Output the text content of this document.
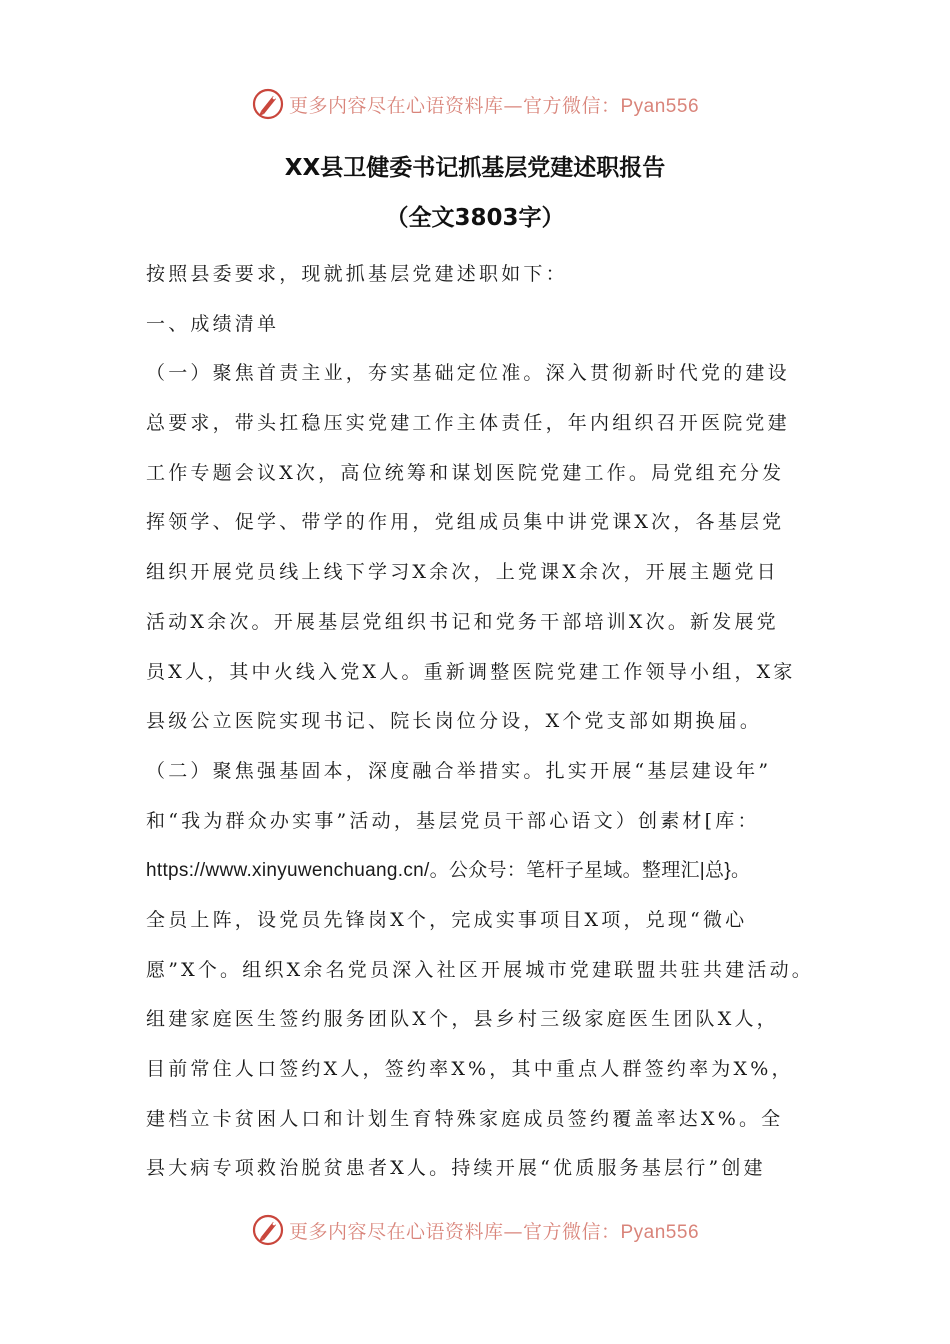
更多内容尽在心语资料库—官方微信：Pyan556
XX县卫健委书记抓基层党建述职报告
（全文3803字）
按照县委要求，现就抓基层党建述职如下：
一、成绩清单
（一）聚焦首责主业，夯实基础定位准。深入贯彻新时代党的建设
总要求，带头扛稳压实党建工作主体责任，年内组织召开医院党建
工作专题会议X次，高位统筹和谋划医院党建工作。局党组充分发
挥领学、促学、带学的作用，党组成员集中讲党课X次，各基层党
组织开展党员线上线下学习X余次，上党课X余次，开展主题党日
活动X余次。开展基层党组织书记和党务干部培训X次。新发展党
员X人，其中火线入党X人。重新调整医院党建工作领导小组，X家
县级公立医院实现书记、院长岗位分设，X个党支部如期换届。
（二）聚焦强基固本，深度融合举措实。扎实开展“基层建设年”
和“我为群众办实事”活动，基层党员干部心语文）创素材[库：
https://www.xinyuwenchuang.cn/。公众号：笔杆子星域。整理汇|总}。
全员上阵，设党员先锋岗X个，完成实事项目X项，兑现“微心
愿”X个。组织X余名党员深入社区开展城市党建联盟共驻共建活动。
组建家庭医生签约服务团队X个，县乡村三级家庭医生团队X人，
目前常住人口签约X人，签约率X%，其中重点人群签约率为X%，
建档立卡贫困人口和计划生育特殊家庭成员签约覆盖率达X%。全
县大病专项救治脱贫患者X人。持续开展“优质服务基层行”创建
更多内容尽在心语资料库—官方微信：Pyan556
